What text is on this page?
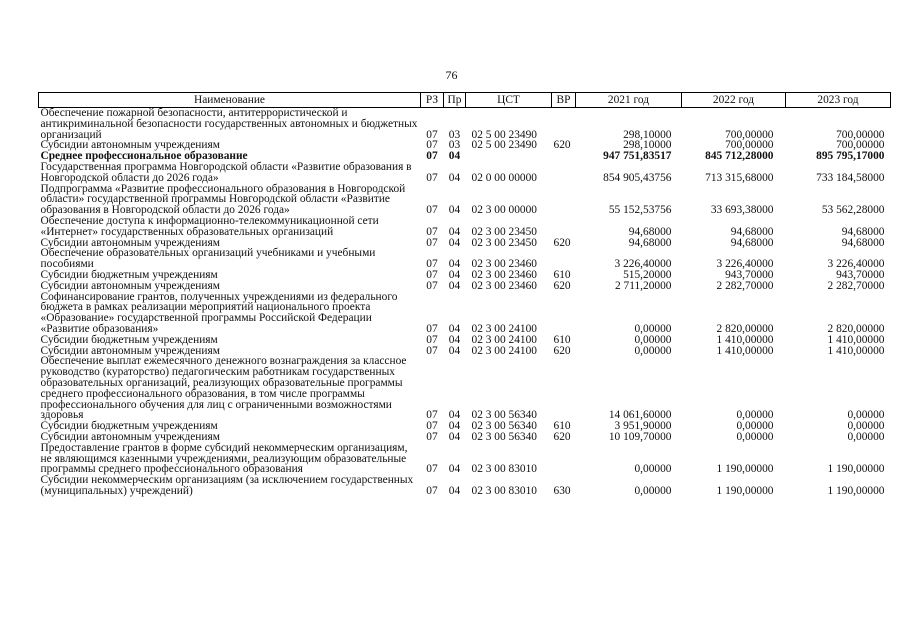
76
Наименование	РЗ	Пр	ЦСТ	ВР	2021 год	2022 год	2023 год
Обеспечение пожарной безопасности, антитеррористической и антикриминальной безопасности государственных автономных и бюджетных организаций	07	03	02 5 00 23490		298,10000	700,00000	700,00000
Субсидии автономным учреждениям	07	03	02 5 00 23490	620	298,10000	700,00000	700,00000
Среднее профессиональное образование	07	04			947 751,83517	845 712,28000	895 795,17000
Государственная программа Новгородской области «Развитие образования в Новгородской области до 2026 года»	07	04	02 0 00 00000		854 905,43756	713 315,68000	733 184,58000
Подпрограмма «Развитие профессионального образования в Новгородской области» государственной программы Новгородской области «Развитие образования в Новгородской области до 2026 года»	07	04	02 3 00 00000		55 152,53756	33 693,38000	53 562,28000
Обеспечение доступа к информационно-телекоммуникационной сети «Интернет» государственных образовательных организаций	07	04	02 3 00 23450		94,68000	94,68000	94,68000
Субсидии автономным учреждениям	07	04	02 3 00 23450	620	94,68000	94,68000	94,68000
Обеспечение образовательных организаций учебниками и учебными пособиями	07	04	02 3 00 23460		3 226,40000	3 226,40000	3 226,40000
Субсидии бюджетным учреждениям	07	04	02 3 00 23460	610	515,20000	943,70000	943,70000
Субсидии автономным учреждениям	07	04	02 3 00 23460	620	2 711,20000	2 282,70000	2 282,70000
Софинансирование грантов, полученных учреждениями из федерального бюджета в рамках реализации мероприятий национального проекта «Образование» государственной программы Российской Федерации «Развитие образования»	07	04	02 3 00 24100		0,00000	2 820,00000	2 820,00000
Субсидии бюджетным учреждениям	07	04	02 3 00 24100	610	0,00000	1 410,00000	1 410,00000
Субсидии автономным учреждениям	07	04	02 3 00 24100	620	0,00000	1 410,00000	1 410,00000
Обеспечение выплат ежемесячного денежного вознаграждения за классное руководство (кураторство) педагогическим работникам государственных образовательных организаций, реализующих образовательные программы среднего профессионального образования, в том числе программы профессионального обучения для лиц с ограниченными возможностями здоровья	07	04	02 3 00 56340		14 061,60000	0,00000	0,00000
Субсидии бюджетным учреждениям	07	04	02 3 00 56340	610	3 951,90000	0,00000	0,00000
Субсидии автономным учреждениям	07	04	02 3 00 56340	620	10 109,70000	0,00000	0,00000
Предоставление грантов в форме субсидий некоммерческим организациям, не являющимся казенными учреждениями, реализующим образовательные программы среднего профессионального образования	07	04	02 3 00 83010		0,00000	1 190,00000	1 190,00000
Субсидии некоммерческим организациям (за исключением государственных (муниципальных) учреждений)	07	04	02 3 00 83010	630	0,00000	1 190,00000	1 190,00000
